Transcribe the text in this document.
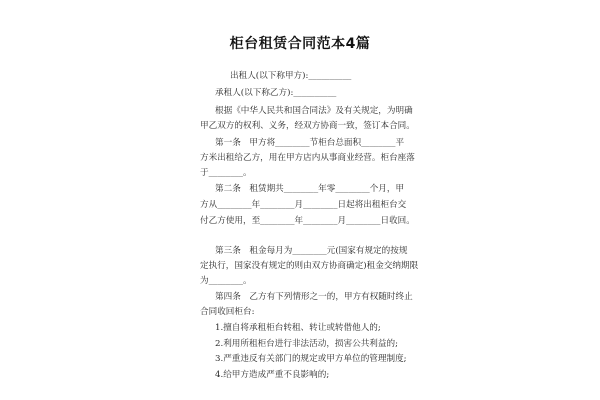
柜台租赁合同范本4篇
出租人(以下称甲方):__________
承租人(以下称乙方):__________
根据《中华人民共和国合同法》及有关规定，为明确
甲乙双方的权利、义务，经双方协商一致，签订本合同。
第一条　甲方将________节柜台总面积________平
方米出租给乙方，用在甲方店内从事商业经营。柜台座落
于________。
第二条　租赁期共________年零________个月，甲
方从________年________月________日起将出租柜台交
付乙方使用，至________年________月________日收回。
第三条　租金每月为________元(国家有规定的按规
定执行，国家没有规定的则由双方协商确定)租金交纳期限
为________。
第四条　乙方有下列情形之一的，甲方有权随时终止
合同收回柜台:
1.擅自将承租柜台转租、转让或转借他人的;
2.利用所租柜台进行非法活动，损害公共利益的;
3.严重违反有关部门的规定或甲方单位的管理制度;
4.给甲方造成严重不良影响的;
